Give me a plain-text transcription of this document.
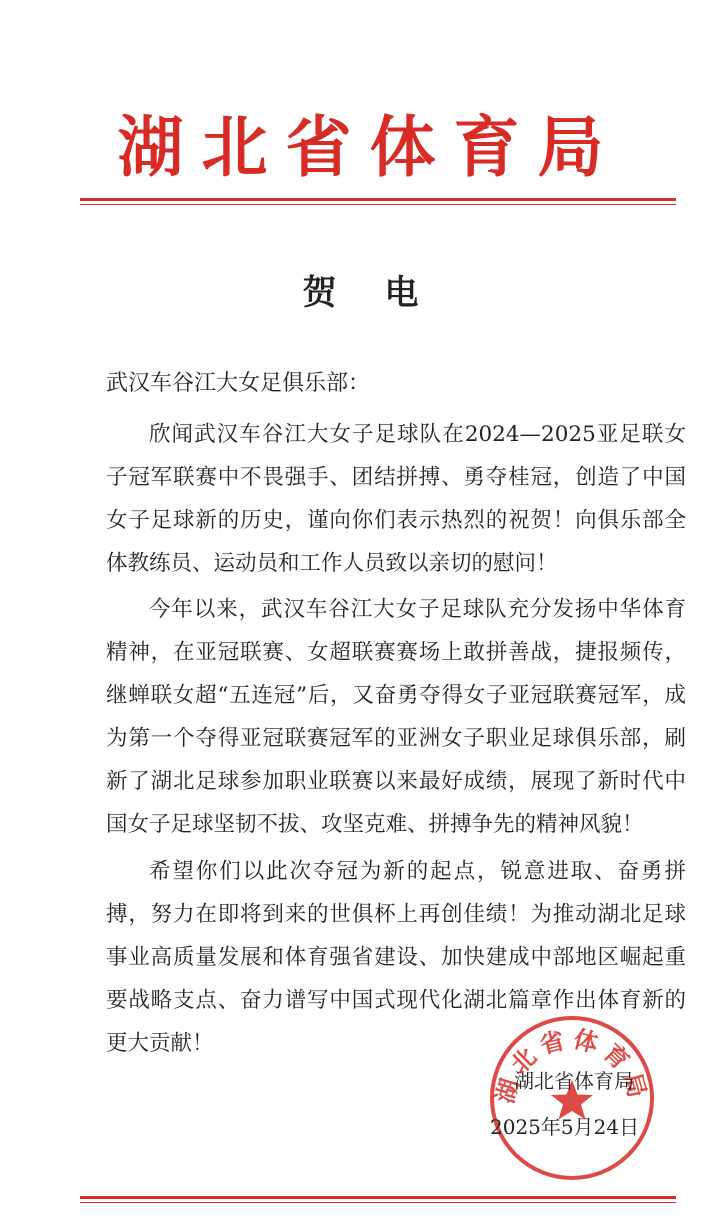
湖北省体育局
贺电
武汉车谷江大女足俱乐部：

欣闻武汉车谷江大女子足球队在2024—2025亚足联女子冠军联赛中不畏强手、团结拼搏、勇夺桂冠，创造了中国女子足球新的历史，谨向你们表示热烈的祝贺！向俱乐部全体教练员、运动员和工作人员致以亲切的慰问！

今年以来，武汉车谷江大女子足球队充分发扬中华体育精神，在亚冠联赛、女超联赛赛场上敢拼善战，捷报频传，继蝉联女超“五连冠”后，又奋勇夺得女子亚冠联赛冠军，成为第一个夺得亚冠联赛冠军的亚洲女子职业足球俱乐部，刷新了湖北足球参加职业联赛以来最好成绩，展现了新时代中国女子足球坚韧不拔、攻坚克难、拼搏争先的精神风貌！

希望你们以此次夺冠为新的起点，锐意进取、奋勇拼搏，努力在即将到来的世俱杯上再创佳绩！为推动湖北足球事业高质量发展和体育强省建设、加快建成中部地区崛起重要战略支点、奋力谱写中国式现代化湖北篇章作出体育新的更大贡献！

湖北省体育局
湖北省体育局
2025年5月24日
